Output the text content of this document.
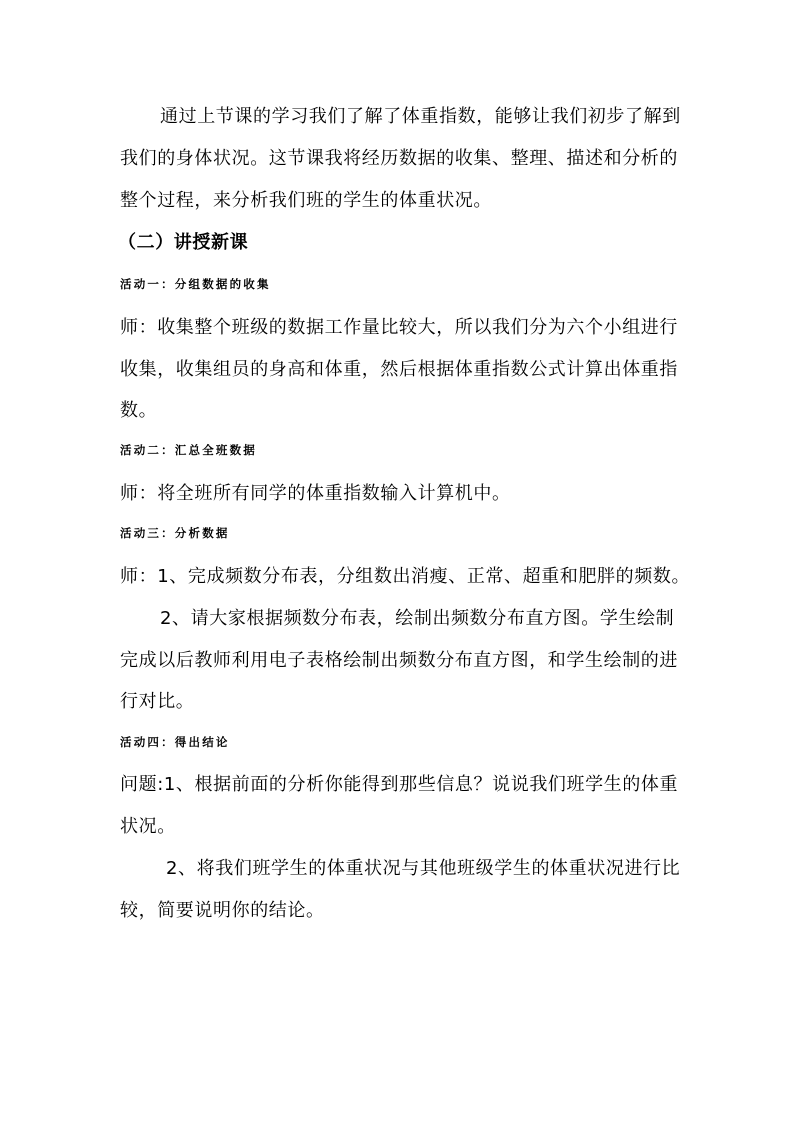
通过上节课的学习我们了解了体重指数，能够让我们初步了解到
我们的身体状况。这节课我将经历数据的收集、整理、描述和分析的
整个过程，来分析我们班的学生的体重状况。
（二）讲授新课
活动一：分组数据的收集
师：收集整个班级的数据工作量比较大，所以我们分为六个小组进行
收集，收集组员的身高和体重，然后根据体重指数公式计算出体重指
数。
活动二：汇总全班数据
师：将全班所有同学的体重指数输入计算机中。
活动三：分析数据
师：1、完成频数分布表，分组数出消瘦、正常、超重和肥胖的频数。
2、请大家根据频数分布表，绘制出频数分布直方图。学生绘制
完成以后教师利用电子表格绘制出频数分布直方图，和学生绘制的进
行对比。
活动四：得出结论
问题:1、根据前面的分析你能得到那些信息？说说我们班学生的体重
状况。
2、将我们班学生的体重状况与其他班级学生的体重状况进行比
较，简要说明你的结论。
